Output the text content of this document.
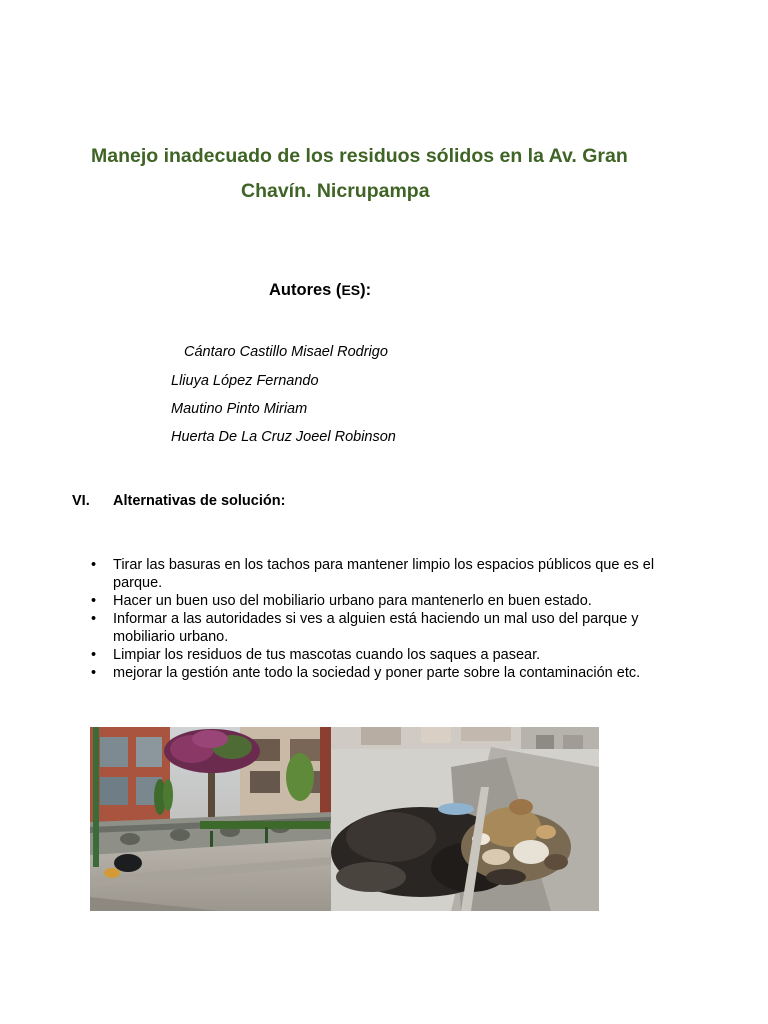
Manejo inadecuado de los residuos sólidos en la Av. Gran
Chavín. Nicrupampa
Autores (ES):
Cántaro Castillo Misael Rodrigo
Lliuya López Fernando
Mautino Pinto Miriam
Huerta De La Cruz Joeel Robinson
VI. Alternativas de solución:
• Tirar las basuras en los tachos para mantener limpio los espacios públicos que es el parque.
• Hacer un buen uso del mobiliario urbano para mantenerlo en buen estado.
• Informar a las autoridades si ves a alguien está haciendo un mal uso del parque y mobiliario urbano.
• Limpiar los residuos de tus mascotas cuando los saques a pasear.
• mejorar la gestión ante todo la sociedad y poner parte sobre la contaminación etc.
